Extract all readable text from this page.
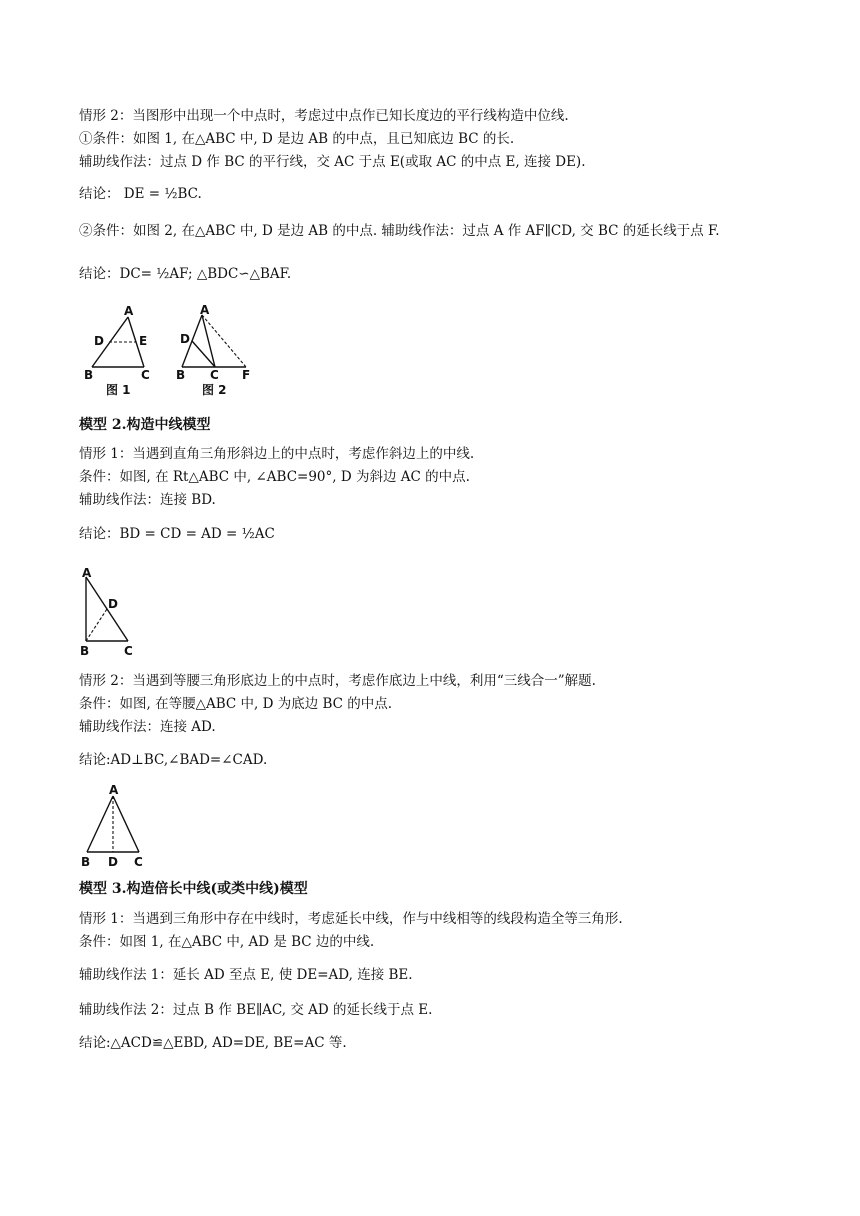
情形 2：当图形中出现一个中点时，考虑过中点作已知长度边的平行线构造中位线.
①条件：如图 1, 在△ABC 中, D 是边 AB 的中点，且已知底边 BC 的长.
辅助线作法：过点 D 作 BC 的平行线，交 AC 于点 E(或取 AC 的中点 E, 连接 DE).
结论： DE = ½BC.
②条件：如图 2, 在△ABC 中, D 是边 AB 的中点. 辅助线作法：过点 A 作 AF∥CD, 交 BC 的延长线于点 F.
结论：DC= ½AF; △BDC∽△BAF.
A
D	E
B	C
图 1
A
D
B C F
图 2
模型 2.构造中线模型
情形 1：当遇到直角三角形斜边上的中点时，考虑作斜边上的中线.
条件：如图, 在 Rt△ABC 中, ∠ABC=90°, D 为斜边 AC 的中点.
辅助线作法：连接 BD.
结论：BD = CD = AD = ½AC
A
D
B	C
情形 2：当遇到等腰三角形底边上的中点时，考虑作底边上中线，利用“三线合一”解题.
条件：如图, 在等腰△ABC 中, D 为底边 BC 的中点.
辅助线作法：连接 AD.
结论:AD⊥BC,∠BAD=∠CAD.
A
B D C
模型 3.构造倍长中线(或类中线)模型
情形 1：当遇到三角形中存在中线时，考虑延长中线，作与中线相等的线段构造全等三角形.
条件：如图 1, 在△ABC 中, AD 是 BC 边的中线.
辅助线作法 1：延长 AD 至点 E, 使 DE=AD, 连接 BE.
辅助线作法 2：过点 B 作 BE∥AC, 交 AD 的延长线于点 E.
结论:△ACD≌△EBD, AD=DE, BE=AC 等.
